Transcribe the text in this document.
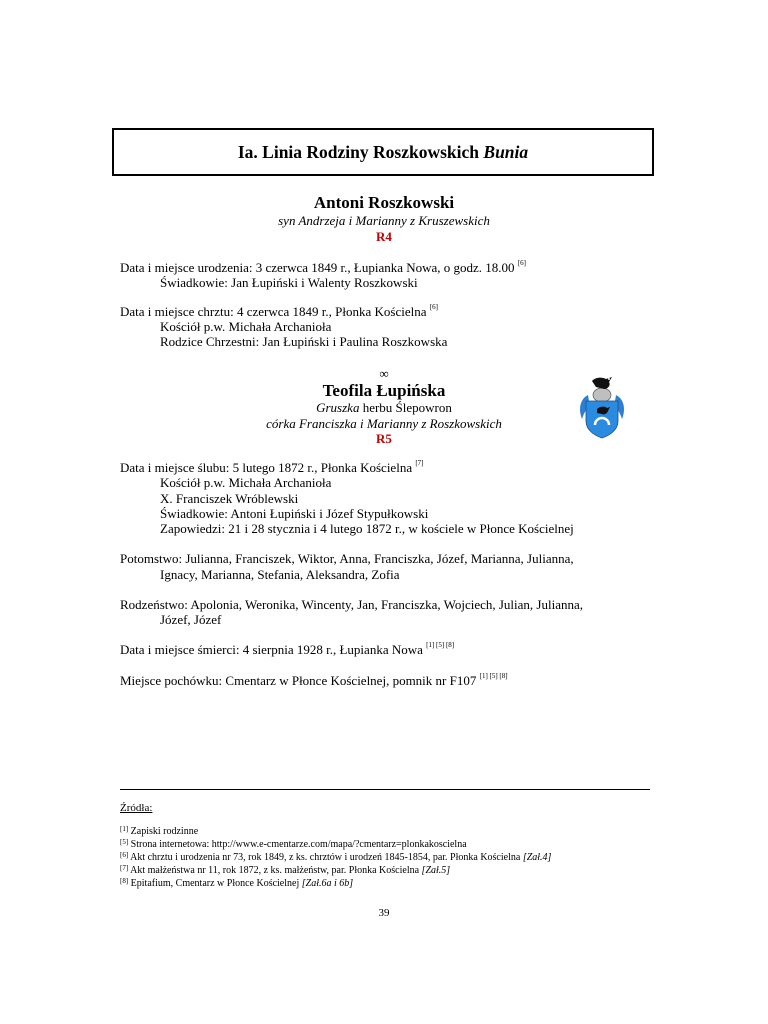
Ia. Linia Rodziny Roszkowskich
Bunia
Antoni Roszkowski
syn Andrzeja i Marianny z Kruszewskich
R4
Data i miejsce urodzenia: 3 czerwca 1849 r., Łupianka Nowa, o godz. 18.00 [6]
Świadkowie: Jan Łupiński i Walenty Roszkowski
Data i miejsce chrztu: 4 czerwca 1849 r., Płonka Kościelna [6]
Kościół p.w. Michała Archanioła
Rodzice Chrzestni: Jan Łupiński i Paulina Roszkowska
∞
Teofila Łupińska
Gruszka herbu Ślepowron
córka Franciszka i Marianny z Roszkowskich
R5
Data i miejsce ślubu: 5 lutego 1872 r., Płonka Kościelna [7]
Kościół p.w. Michała Archanioła
X. Franciszek Wróblewski
Świadkowie: Antoni Łupiński i Józef Stypułkowski
Zapowiedzi: 21 i 28 stycznia i 4 lutego 1872 r., w kościele w Płonce Kościelnej
Potomstwo: Julianna, Franciszek, Wiktor, Anna, Franciszka, Józef, Marianna, Julianna,
Ignacy, Marianna, Stefania, Aleksandra, Zofia
Rodzeństwo: Apolonia, Weronika, Wincenty, Jan, Franciszka, Wojciech, Julian, Julianna,
Józef, Józef
Data i miejsce śmierci: 4 sierpnia 1928 r., Łupianka Nowa [1] [5] [8]
Miejsce pochówku: Cmentarz w Płonce Kościelnej, pomnik nr F107 [1] [5] [8]
Źródła:
[1] Zapiski rodzinne
[5] Strona internetowa: http://www.e-cmentarze.com/mapa/?cmentarz=plonkakoscielna
[6] Akt chrztu i urodzenia nr 73, rok 1849, z ks. chrztów i urodzeń 1845-1854, par. Płonka Kościelna [Zał.4]
[7] Akt małżeństwa nr 11, rok 1872, z ks. małżeństw, par. Płonka Kościelna [Zał.5]
[8] Epitafium, Cmentarz w Płonce Kościelnej [Zał.6a i 6b]
39
